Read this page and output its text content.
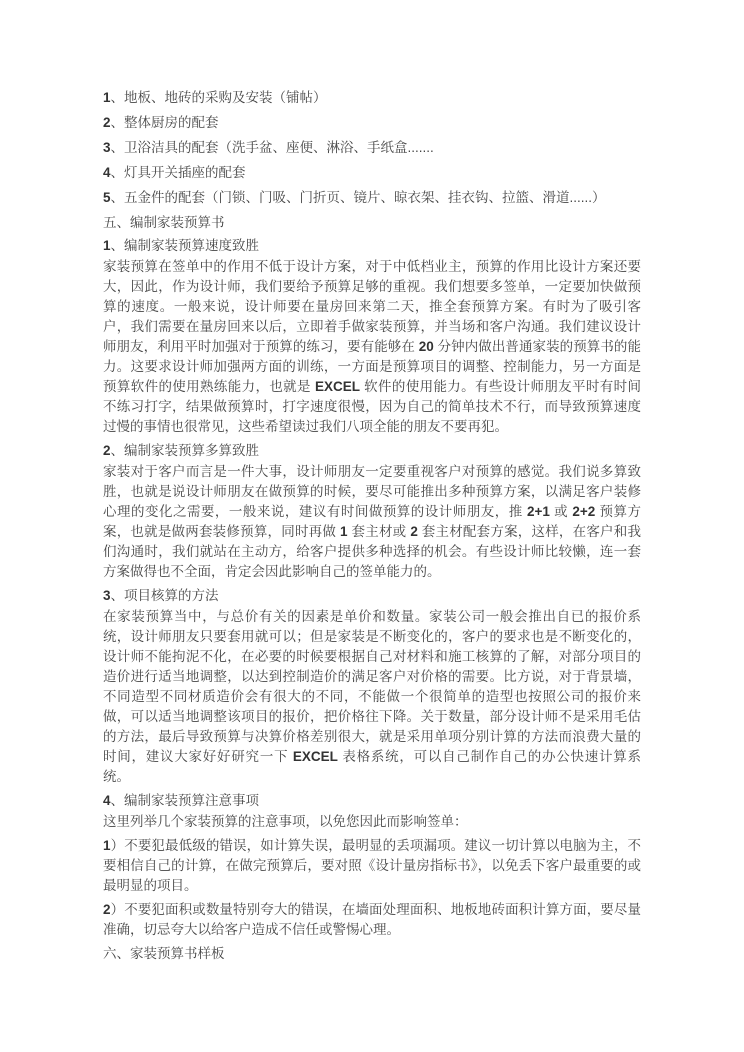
1、地板、地砖的采购及安装（铺帖）
2、整体厨房的配套
3、卫浴洁具的配套（洗手盆、座便、淋浴、手纸盒.......
4、灯具开关插座的配套
5、五金件的配套（门锁、门吸、门折页、镜片、晾衣架、挂衣钩、拉篮、滑道......）
五、编制家装预算书
1、编制家装预算速度致胜
家装预算在签单中的作用不低于设计方案，对于中低档业主，预算的作用比设计方案还要大，因此，作为设计师，我们要给予预算足够的重视。我们想要多签单，一定要加快做预算的速度。一般来说，设计师要在量房回来第二天，推全套预算方案。有时为了吸引客户，我们需要在量房回来以后，立即着手做家装预算，并当场和客户沟通。我们建议设计师朋友，利用平时加强对于预算的练习，要有能够在 20 分钟内做出普通家装的预算书的能力。这要求设计师加强两方面的训练，一方面是预算项目的调整、控制能力，另一方面是预算软件的使用熟练能力，也就是 EXCEL 软件的使用能力。有些设计师朋友平时有时间不练习打字，结果做预算时，打字速度很慢，因为自己的简单技术不行，而导致预算速度过慢的事情也很常见，这些希望读过我们八项全能的朋友不要再犯。
2、编制家装预算多算致胜
家装对于客户而言是一件大事，设计师朋友一定要重视客户对预算的感觉。我们说多算致胜，也就是说设计师朋友在做预算的时候，要尽可能推出多种预算方案，以满足客户装修心理的变化之需要，一般来说，建议有时间做预算的设计师朋友，推 2+1 或 2+2 预算方案，也就是做两套装修预算，同时再做 1 套主材或 2 套主材配套方案，这样，在客户和我们沟通时，我们就站在主动方，给客户提供多种选择的机会。有些设计师比较懒，连一套方案做得也不全面，肯定会因此影响自己的签单能力的。
3、项目核算的方法
在家装预算当中，与总价有关的因素是单价和数量。家装公司一般会推出自已的报价系统，设计师朋友只要套用就可以；但是家装是不断变化的，客户的要求也是不断变化的，设计师不能拘泥不化，在必要的时候要根据自己对材料和施工核算的了解，对部分项目的造价进行适当地调整，以达到控制造价的满足客户对价格的需要。比方说，对于背景墙，不同造型不同材质造价会有很大的不同，不能做一个很简单的造型也按照公司的报价来做，可以适当地调整该项目的报价，把价格往下降。关于数量，部分设计师不是采用毛估的方法，最后导致预算与决算价格差别很大，就是采用单项分别计算的方法而浪费大量的时间，建议大家好好研究一下 EXCEL 表格系统，可以自己制作自己的办公快速计算系统。
4、编制家装预算注意事项
这里列举几个家装预算的注意事项，以免您因此而影响签单：
1）不要犯最低级的错误，如计算失误，最明显的丢项漏项。建议一切计算以电脑为主，不要相信自己的计算，在做完预算后，要对照《设计量房指标书》，以免丢下客户最重要的或最明显的项目。
2）不要犯面积或数量特别夸大的错误，在墙面处理面积、地板地砖面积计算方面，要尽量准确，切忌夸大以给客户造成不信任或警惕心理。
六、家装预算书样板
